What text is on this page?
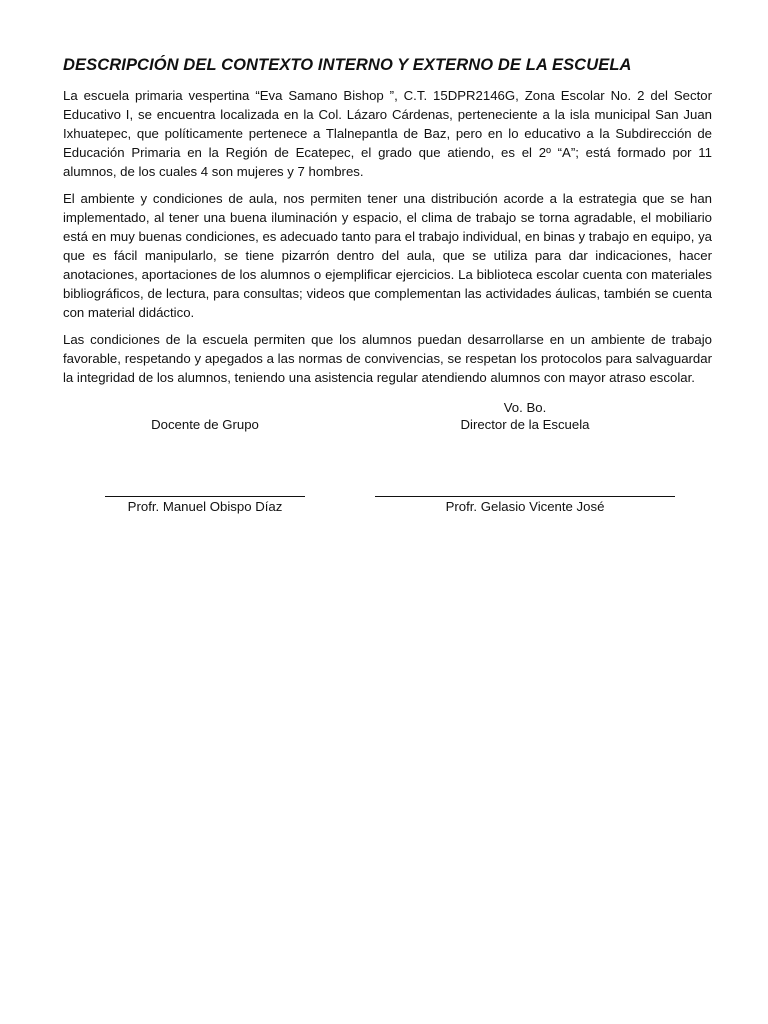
DESCRIPCIÓN DEL CONTEXTO INTERNO Y EXTERNO DE LA ESCUELA

La escuela primaria vespertina “Eva Samano Bishop ”, C.T. 15DPR2146G, Zona Escolar No. 2 del Sector Educativo I, se encuentra localizada en la Col. Lázaro Cárdenas, perteneciente a la isla municipal San Juan Ixhuatepec, que políticamente pertenece a Tlalnepantla de Baz, pero en lo educativo a la Subdirección de Educación Primaria en la Región de Ecatepec, el grado que atiendo, es el 2º “A”; está formado por 11 alumnos, de los cuales 4 son mujeres y 7 hombres.

El ambiente y condiciones de aula, nos permiten tener una distribución acorde a la estrategia que se han implementado, al tener una buena iluminación y espacio, el clima de trabajo se torna agradable, el mobiliario está en muy buenas condiciones, es adecuado tanto para el trabajo individual, en binas y trabajo en equipo, ya que es fácil manipularlo, se tiene pizarrón dentro del aula, que se utiliza para dar indicaciones, hacer anotaciones, aportaciones de los alumnos o ejemplificar ejercicios. La biblioteca escolar cuenta con materiales bibliográficos, de lectura, para consultas; videos que complementan las actividades áulicas, también se cuenta con material didáctico.

Las condiciones de la escuela permiten que los alumnos puedan desarrollarse en un ambiente de trabajo favorable, respetando y apegados a las normas de convivencias, se respetan los protocolos para salvaguardar la integridad de los alumnos, teniendo una asistencia regular atendiendo alumnos con mayor atraso escolar.

Docente de Grupo
Profr. Manuel Obispo Díaz
Vo. Bo.
Director de la Escuela
Profr. Gelasio Vicente José
